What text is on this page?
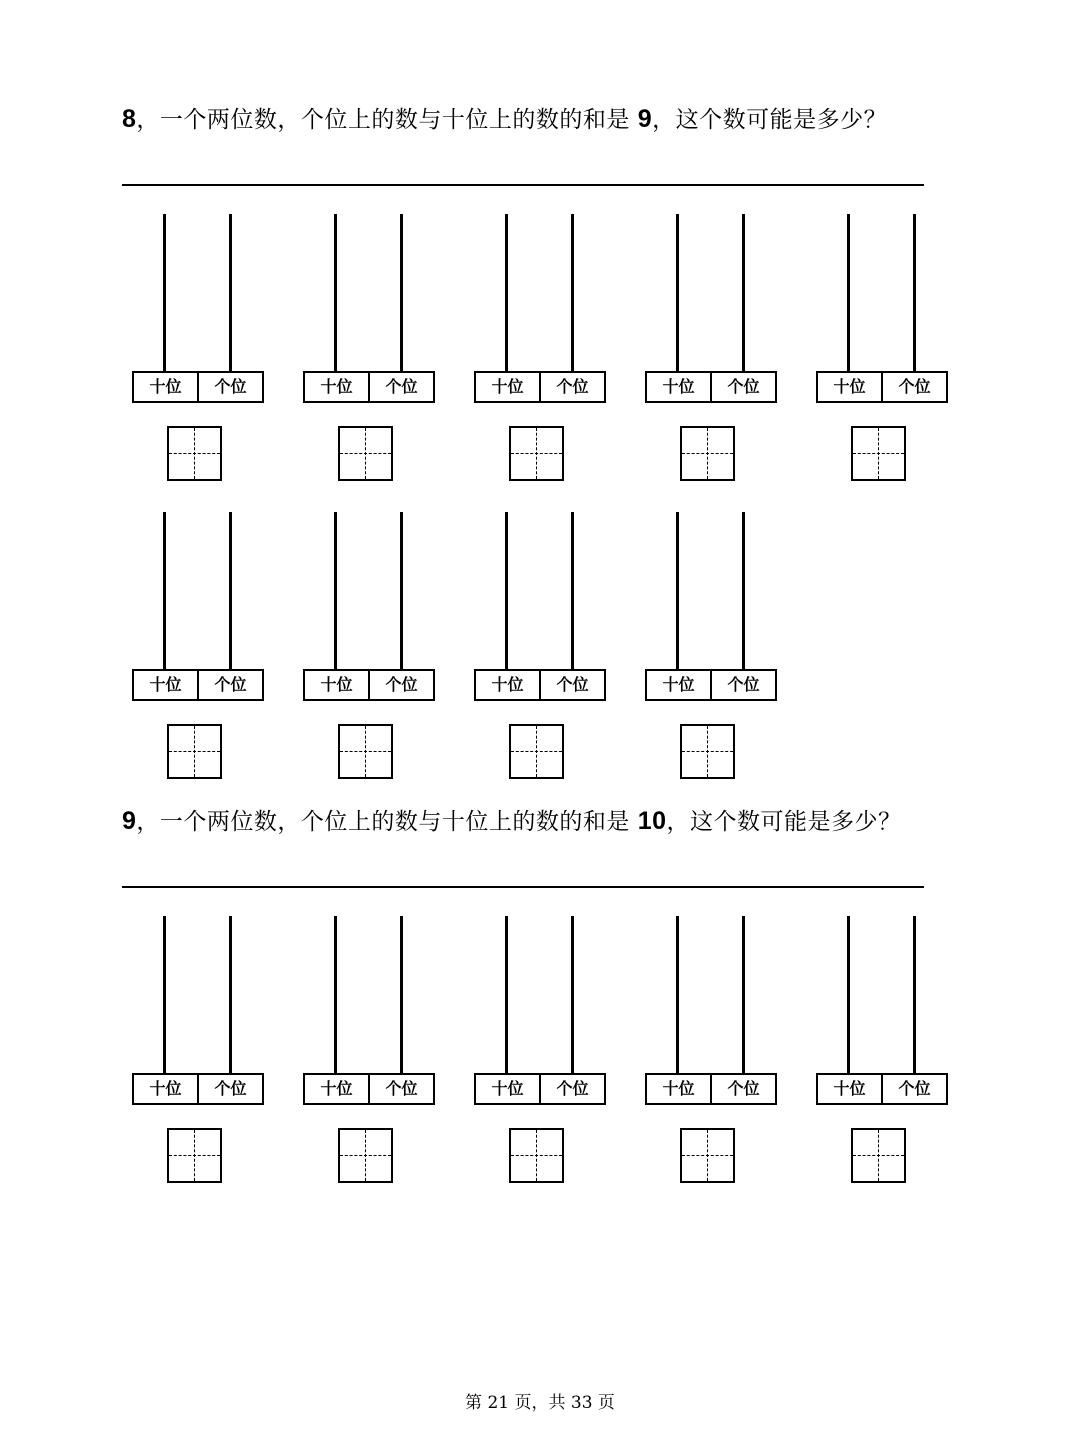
8，一个两位数，个位上的数与十位上的数的和是 9，这个数可能是多少？
十位	个位	十位	个位	十位	个位	十位	个位	十位	个位
十位	个位	十位	个位	十位	个位	十位	个位
9，一个两位数，个位上的数与十位上的数的和是 10，这个数可能是多少？
十位	个位	十位	个位	十位	个位	十位	个位	十位	个位
第 21 页，共 33 页
